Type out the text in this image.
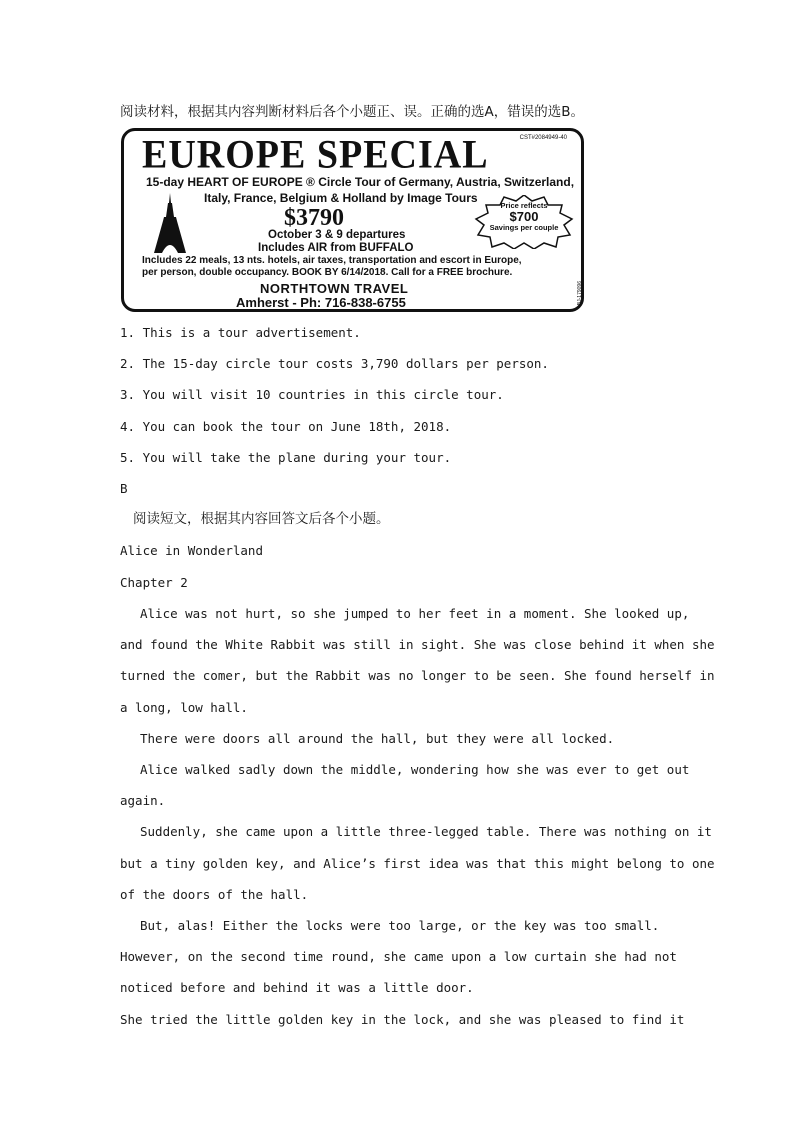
阅读材料，根据其内容判断材料后各个小题正、误。正确的选A，错误的选B。
EUROPE SPECIAL	CST#2084949-40
15-day HEART OF EUROPE ® Circle Tour of Germany, Austria, Switzerland,
Italy, France, Belgium & Holland by Image Tours
$3790
October 3 & 9 departures
Includes AIR from BUFFALO
Price reflects
$700
Savings per couple
Includes 22 meals, 13 nts. hotels, air taxes, transportation and escort in Europe,
per person, double occupancy. BOOK BY 6/14/2018. Call for a FREE brochure.
NORTHTOWN TRAVEL
Amherst - Ph: 716-838-6755	BJ-179096
1. This is a tour advertisement.
2. The 15-day circle tour costs 3,790 dollars per person.
3. You will visit 10 countries in this circle tour.
4. You can book the tour on June 18th, 2018.
5. You will take the plane during your tour.
B
阅读短文，根据其内容回答文后各个小题。
Alice in Wonderland
Chapter 2
Alice was not hurt, so she jumped to her feet in a moment. She looked up,
and found the White Rabbit was still in sight. She was close behind it when she
turned the comer, but the Rabbit was no longer to be seen. She found herself in
a long, low hall.
There were doors all around the hall, but they were all locked.
Alice walked sadly down the middle, wondering how she was ever to get out
again.
Suddenly, she came upon a little three-legged table. There was nothing on it
but a tiny golden key, and Alice’s first idea was that this might belong to one
of the doors of the hall.
But, alas! Either the locks were too large, or the key was too small.
However, on the second time round, she came upon a low curtain she had not
noticed before and behind it was a little door.
She tried the little golden key in the lock, and she was pleased to find it
